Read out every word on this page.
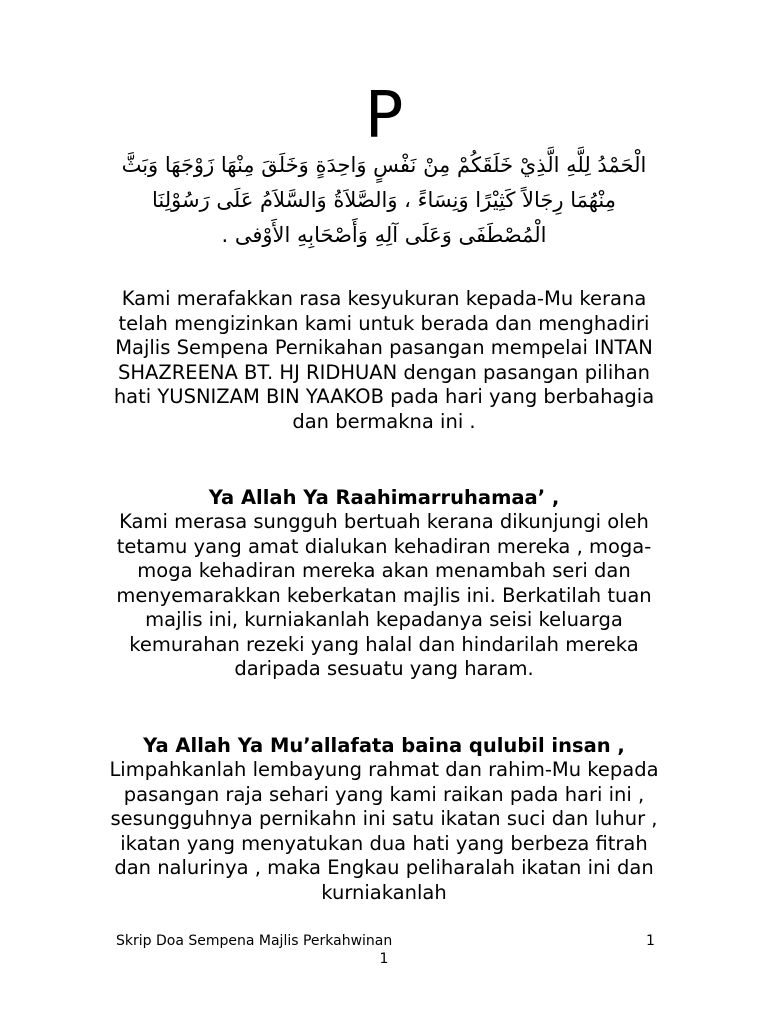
P
الْحَمْدُ لِلَّهِ الَّذِيْ خَلَقَكُمْ مِنْ نَفْسٍ وَاحِدَةٍ وَخَلَقَ مِنْهَا زَوْجَهَا وَبَثَّ مِنْهُمَا رِجَالاً كَثِيْرًا وَنِسَاءً ، وَالصَّلاَةُ وَالسَّلاَمُ عَلَى رَسُوْلِنَا الْمُصْطَفَى وَعَلَى آلِهِ وَأَصْحَابِهِ الأَوْفى .

Kami merafakkan rasa kesyukuran kepada-Mu kerana telah mengizinkan kami untuk berada dan menghadiri Majlis Sempena Pernikahan pasangan mempelai INTAN SHAZREENA BT. HJ RIDHUAN dengan pasangan pilihan hati YUSNIZAM BIN YAAKOB pada hari yang berbahagia dan bermakna ini .

Ya Allah Ya Raahimarruhamaa’ ,

Kami merasa sungguh bertuah kerana dikunjungi oleh tetamu yang amat dialukan kehadiran mereka , moga-moga kehadiran mereka akan menambah seri dan menyemarakkan keberkatan majlis ini. Berkatilah tuan majlis ini, kurniakanlah kepadanya seisi keluarga kemurahan rezeki yang halal dan hindarilah mereka daripada sesuatu yang haram.

Ya Allah Ya Mu’allafata baina qulubil insan ,

Limpahkanlah lembayung rahmat dan rahim-Mu kepada pasangan raja sehari yang kami raikan pada hari ini , sesungguhnya pernikahn ini satu ikatan suci dan luhur , ikatan yang menyatukan dua hati yang berbeza fitrah dan nalurinya , maka Engkau peliharalah ikatan ini dan kurniakanlah

Skrip Doa Sempena Majlis Perkahwinan	1
1
